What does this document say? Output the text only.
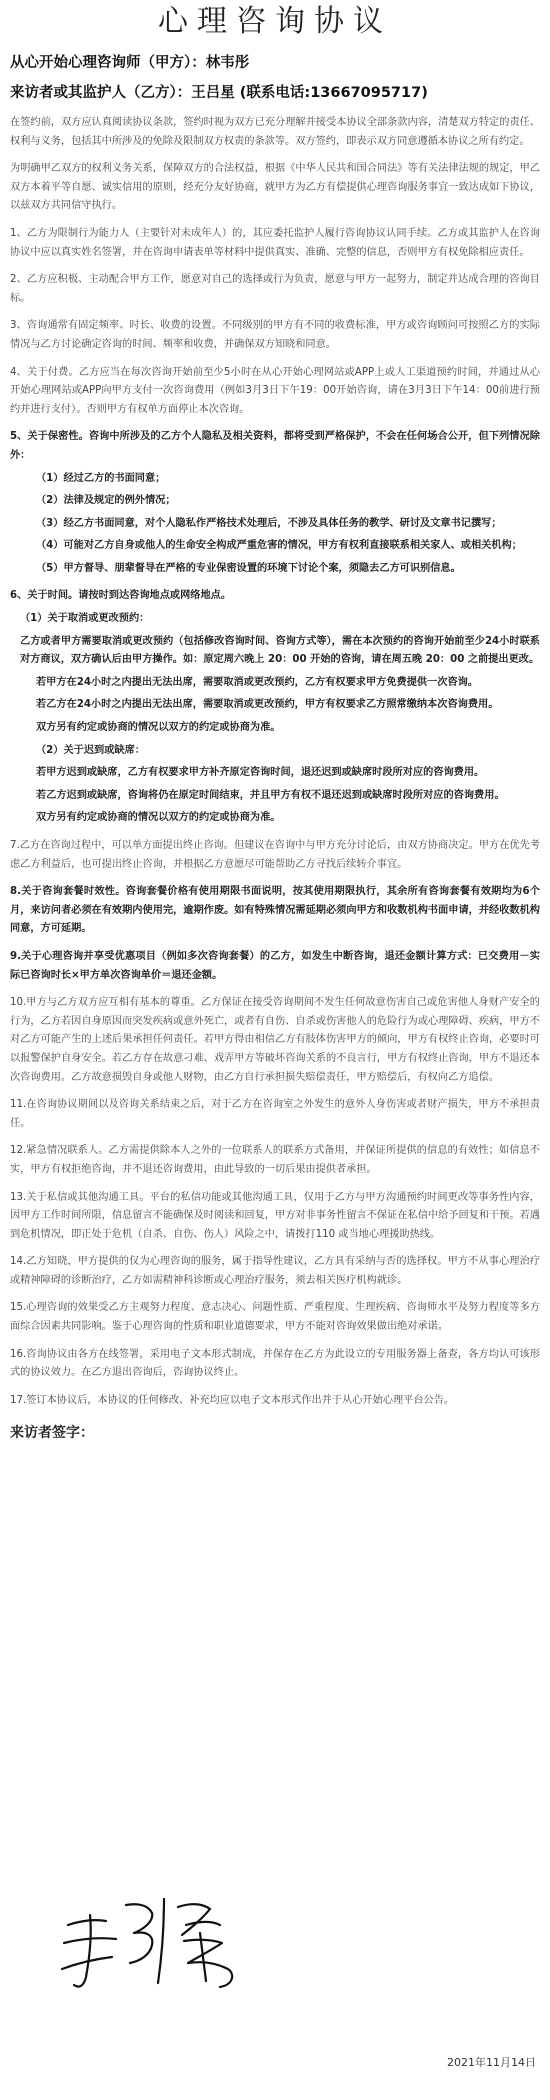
心理咨询协议
从心开始心理咨询师（甲方）：林韦彤
来访者或其监护人（乙方）：王吕星 (联系电话:13667095717)

在签约前，双方应认真阅读协议条款，签约时视为双方已充分理解并接受本协议全部条款内容，清楚双方特定的责任、权利与义务，包括其中所涉及的免除及限制双方权责的条款等。双方签约，即表示双方同意遵循本协议之所有约定。

为明确甲乙双方的权利义务关系，保障双方的合法权益，根据《中华人民共和国合同法》等有关法律法规的规定，甲乙双方本着平等自愿、诚实信用的原则，经充分友好协商，就甲方为乙方有偿提供心理咨询服务事宜一致达成如下协议，以兹双方共同信守执行。

1、乙方为限制行为能力人（主要针对未成年人）的，其应委托监护人履行咨询协议认同手续。乙方或其监护人在咨询协议中应以真实姓名签署，并在咨询申请表单等材料中提供真实、准确、完整的信息，否则甲方有权免除相应责任。

2、乙方应积极、主动配合甲方工作，愿意对自己的选择或行为负责，愿意与甲方一起努力，制定并达成合理的咨询目标。

3、咨询通常有固定频率、时长、收费的设置。不同级别的甲方有不同的收费标准，甲方或咨询顾问可按照乙方的实际情况与乙方讨论确定咨询的时间、频率和收费，并确保双方知晓和同意。

4、关于付费。乙方应当在每次咨询开始前至少5小时在从心开始心理网站或APP上或人工渠道预约时间，并通过从心开始心理网站或APP向甲方支付一次咨询费用（例如3月3日下午19：00开始咨询，请在3月3日下午14：00前进行预约并进行支付）。否则甲方有权单方面停止本次咨询。

5、关于保密性。咨询中所涉及的乙方个人隐私及相关资料，都将受到严格保护，不会在任何场合公开，但下列情况除外：

（1）经过乙方的书面同意；

（2）法律及规定的例外情况；

（3）经乙方书面同意，对个人隐私作严格技术处理后，不涉及具体任务的教学、研讨及文章书记撰写；

（4）可能对乙方自身或他人的生命安全构成严重危害的情况，甲方有权利直接联系相关家人、或相关机构；

（5）甲方督导、朋辈督导在严格的专业保密设置的环境下讨论个案，须隐去乙方可识别信息。

6、关于时间。请按时到达咨询地点或网络地点。

（1）关于取消或更改预约：

乙方或者甲方需要取消或更改预约（包括修改咨询时间、咨询方式等），需在本次预约的咨询开始前至少24小时联系对方商议，双方确认后由甲方操作。如：原定周六晚上 20：00 开始的咨询，请在周五晚 20：00 之前提出更改。

若甲方在24小时之内提出无法出席，需要取消或更改预约，乙方有权要求甲方免费提供一次咨询。

若乙方在24小时之内提出无法出席，需要取消或更改预约，甲方有权要求乙方照常缴纳本次咨询费用。

双方另有约定或协商的情况以双方的约定或协商为准。

（2）关于迟到或缺席：

若甲方迟到或缺席，乙方有权要求甲方补齐原定咨询时间，退还迟到或缺席时段所对应的咨询费用。

若乙方迟到或缺席，咨询将仍在原定时间结束，并且甲方有权不退还迟到或缺席时段所对应的咨询费用。

双方另有约定或协商的情况以双方的约定或协商为准。

7.乙方在咨询过程中，可以单方面提出终止咨询。但建议在咨询中与甲方充分讨论后，由双方协商决定。甲方在优先考虑乙方利益后，也可提出终止咨询，并根据乙方意愿尽可能帮助乙方寻找后续转介事宜。

8.关于咨询套餐时效性。咨询套餐价格有使用期限书面说明，按其使用期限执行，其余所有咨询套餐有效期均为6个月，来访问者必须在有效期内使用完，逾期作废。如有特殊情况需延期必须向甲方和收数机构书面申请，并经收数机构同意，方可延期。

9.关于心理咨询并享受优惠项目（例如多次咨询套餐）的乙方，如发生中断咨询，退还金额计算方式：已交费用－实际已咨询时长×甲方单次咨询单价＝退还金额。

10.甲方与乙方双方应互相有基本的尊重。乙方保证在接受咨询期间不发生任何故意伤害自己或危害他人身财产安全的行为，乙方若因自身原因而突发疾病或意外死亡，或者有自伤、自杀或伤害他人的危险行为或心理障碍、疾病，甲方不对乙方可能产生的上述后果承担任何责任。若甲方得由相信乙方有肢体伤害甲方的倾向，甲方有权终止咨询，必要时可以报警保护自身安全。若乙方存在故意刁难、戏弄甲方等破坏咨询关系的不良言行，甲方有权终止咨询，甲方不退还本次咨询费用。乙方故意损毁自身或他人财物，由乙方自行承担损失赔偿责任，甲方赔偿后，有权向乙方追偿。

11.在咨询协议期间以及咨询关系结束之后，对于乙方在咨询室之外发生的意外人身伤害或者财产损失，甲方不承担责任。

12.紧急情况联系人。乙方需提供除本人之外的一位联系人的联系方式备用，并保证所提供的信息的有效性；如信息不实，甲方有权拒绝咨询，并不退还咨询费用，由此导致的一切后果由提供者承担。

13.关于私信或其他沟通工具。平台的私信功能或其他沟通工具，仅用于乙方与甲方沟通预约时间更改等事务性内容，因甲方工作时间所限，信息留言不能确保及时阅读和回复，甲方对非事务性留言不保证在私信中给予回复和干预。若遇到危机情况，即正处于危机（自杀、自伤、伤人）风险之中，请拨打110 或当地心理援助热线。

14.乙方知晓，甲方提供的仅为心理咨询的服务，属于指导性建议，乙方具有采纳与否的选择权。甲方不从事心理治疗或精神障碍的诊断治疗，乙方如需精神科诊断或心理治疗服务，须去相关医疗机构就诊。

15.心理咨询的效果受乙方主观努力程度、意志决心、问题性质、严重程度、生理疾病、咨询师水平及努力程度等多方面综合因素共同影响。鉴于心理咨询的性质和职业道德要求，甲方不能对咨询效果做出绝对承诺。

16.咨询协议由各方在线签署，采用电子文本形式制成，并保存在乙方为此设立的专用服务器上备查，各方均认可该形式的协议效力。在乙方退出咨询后，咨询协议终止。

17.签订本协议后，本协议的任何修改、补充均应以电子文本形式作出并于从心开始心理平台公告。

来访者签字：
2021年11月14日
